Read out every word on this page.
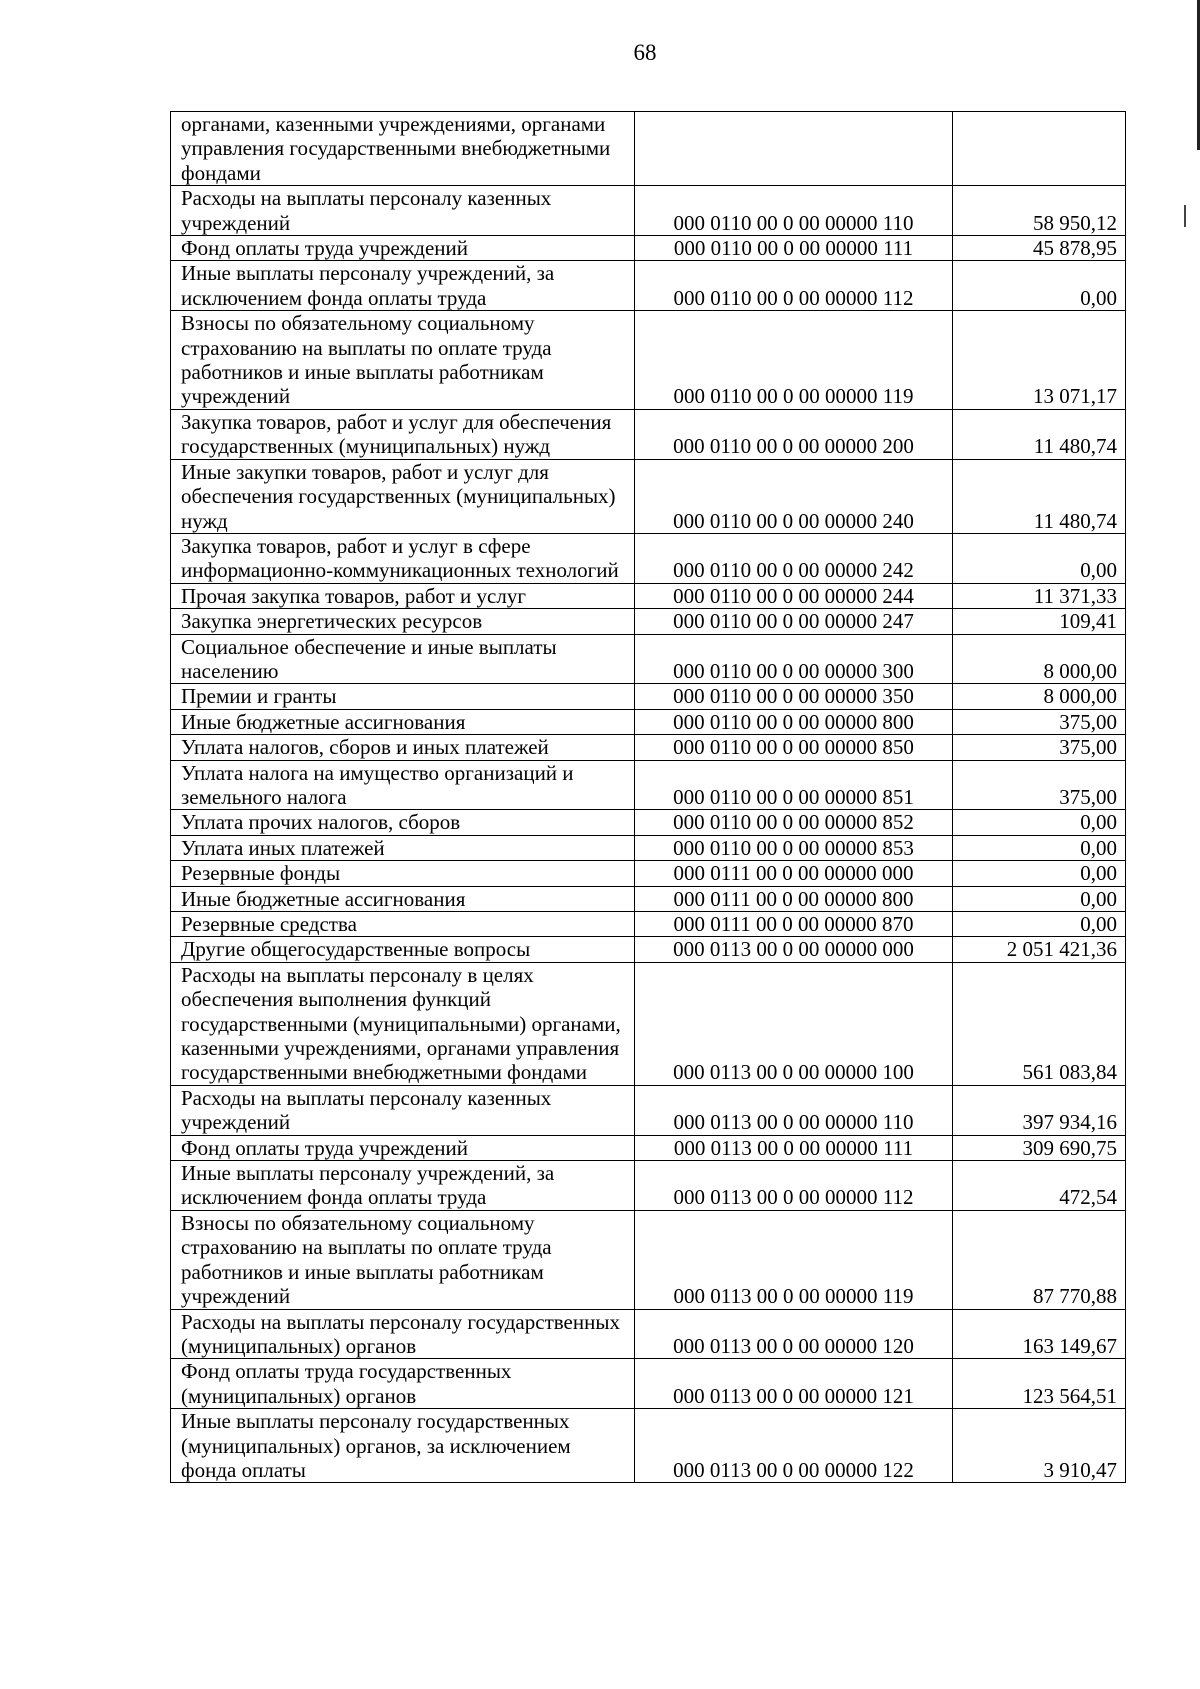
68
органами, казенными учреждениями, органами управления государственными внебюджетными фондами		
Расходы на выплаты персоналу казенных учреждений	000 0110 00 0 00 00000 110	58 950,12
Фонд оплаты труда учреждений	000 0110 00 0 00 00000 111	45 878,95
Иные выплаты персоналу учреждений, за исключением фонда оплаты труда	000 0110 00 0 00 00000 112	0,00
Взносы по обязательному социальному страхованию на выплаты по оплате труда работников и иные выплаты работникам учреждений	000 0110 00 0 00 00000 119	13 071,17
Закупка товаров, работ и услуг для обеспечения государственных (муниципальных) нужд	000 0110 00 0 00 00000 200	11 480,74
Иные закупки товаров, работ и услуг для обеспечения государственных (муниципальных) нужд	000 0110 00 0 00 00000 240	11 480,74
Закупка товаров, работ и услуг в сфере информационно-коммуникационных технологий	000 0110 00 0 00 00000 242	0,00
Прочая закупка товаров, работ и услуг	000 0110 00 0 00 00000 244	11 371,33
Закупка энергетических ресурсов	000 0110 00 0 00 00000 247	109,41
Социальное обеспечение и иные выплаты населению	000 0110 00 0 00 00000 300	8 000,00
Премии и гранты	000 0110 00 0 00 00000 350	8 000,00
Иные бюджетные ассигнования	000 0110 00 0 00 00000 800	375,00
Уплата налогов, сборов и иных платежей	000 0110 00 0 00 00000 850	375,00
Уплата налога на имущество организаций и земельного налога	000 0110 00 0 00 00000 851	375,00
Уплата прочих налогов, сборов	000 0110 00 0 00 00000 852	0,00
Уплата иных платежей	000 0110 00 0 00 00000 853	0,00
Резервные фонды	000 0111 00 0 00 00000 000	0,00
Иные бюджетные ассигнования	000 0111 00 0 00 00000 800	0,00
Резервные средства	000 0111 00 0 00 00000 870	0,00
Другие общегосударственные вопросы	000 0113 00 0 00 00000 000	2 051 421,36
Расходы на выплаты персоналу в целях обеспечения выполнения функций государственными (муниципальными) органами, казенными учреждениями, органами управления государственными внебюджетными фондами	000 0113 00 0 00 00000 100	561 083,84
Расходы на выплаты персоналу казенных учреждений	000 0113 00 0 00 00000 110	397 934,16
Фонд оплаты труда учреждений	000 0113 00 0 00 00000 111	309 690,75
Иные выплаты персоналу учреждений, за исключением фонда оплаты труда	000 0113 00 0 00 00000 112	472,54
Взносы по обязательному социальному страхованию на выплаты по оплате труда работников и иные выплаты работникам учреждений	000 0113 00 0 00 00000 119	87 770,88
Расходы на выплаты персоналу государственных (муниципальных) органов	000 0113 00 0 00 00000 120	163 149,67
Фонд оплаты труда государственных (муниципальных) органов	000 0113 00 0 00 00000 121	123 564,51
Иные выплаты персоналу государственных (муниципальных) органов, за исключением фонда оплаты	000 0113 00 0 00 00000 122	3 910,47
